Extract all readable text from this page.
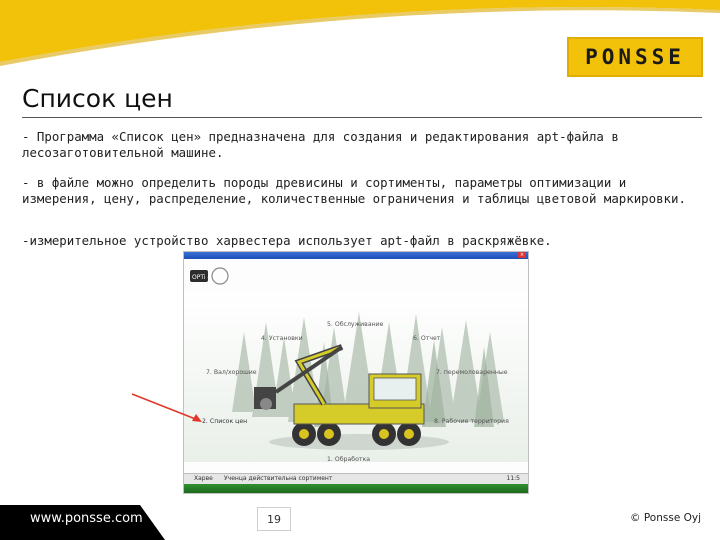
PONSSE
Список цен
- Программа «Список цен» предназначена для создания и редактирования apt-файла в лесозаготовительной машине.
- в файле можно определить породы древисины и сортименты, параметры оптимизации и измерения, цену, распределение, количественные ограничения и таблицы цветовой маркировки.
-измерительное устройство харвестера использует apt-файл в раскряжёвке.
×
OPTi 4G
5. Обслуживание
4. Установки	6. Отчет
7. Вал/хорошие	7. перемоловаренные
2. Список цен	8. Рабочие территория
1. Обработка
Харве Ученца действительна сортимент	11:5
www.ponsse.com	19	© Ponsse Oyj
